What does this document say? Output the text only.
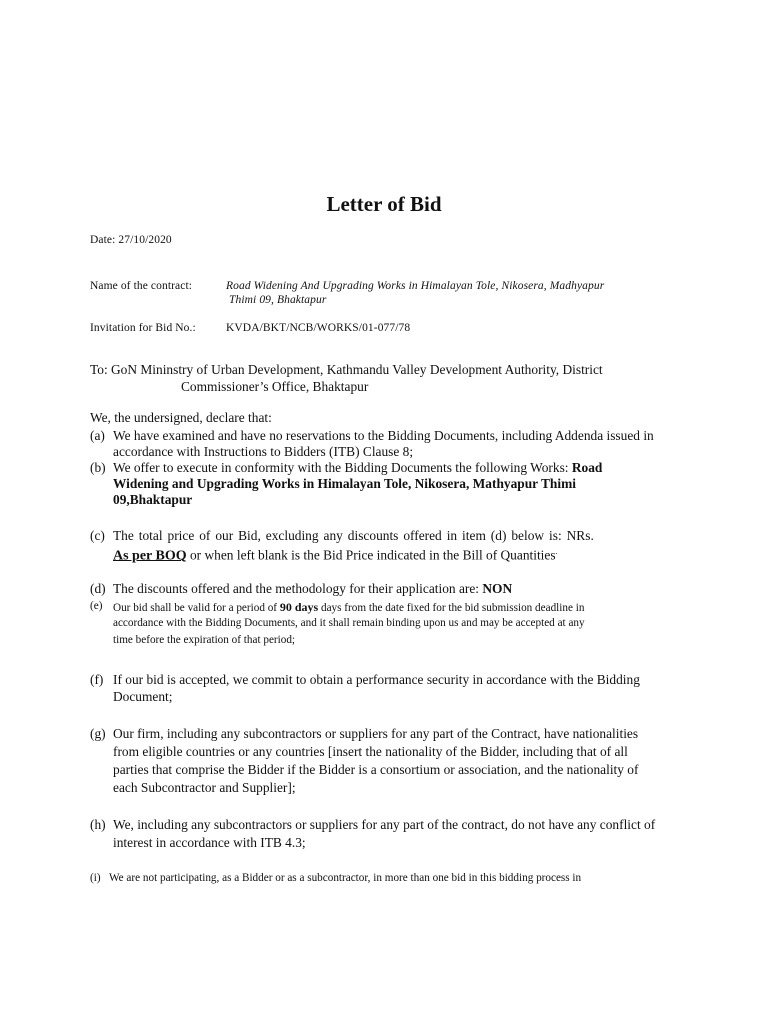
Letter of Bid
Date: 27/10/2020
Name of the contract:	Road Widening And Upgrading Works in Himalayan Tole, Nikosera, Madhyapur
Thimi 09, Bhaktapur
Invitation for Bid No.:	KVDA/BKT/NCB/WORKS/01-077/78
To: GoN Mininstry of Urban Development, Kathmandu Valley Development Authority, District
Commissioner’s Office, Bhaktapur
We, the undersigned, declare that:
(a) We have examined and have no reservations to the Bidding Documents, including Addenda issued in
accordance with Instructions to Bidders (ITB) Clause 8;
(b) We offer to execute in conformity with the Bidding Documents the following Works: Road
Widening and Upgrading Works in Himalayan Tole, Nikosera, Mathyapur Thimi
09,Bhaktapur
(c) The total price of our Bid, excluding any discounts offered in item (d) below is: NRs.
As per BOQ or when left blank is the Bid Price indicated in the Bill of Quantities.
(d) The discounts offered and the methodology for their application are: NON
(e) Our bid shall be valid for a period of 90 days days from the date fixed for the bid submission deadline in
accordance with the Bidding Documents, and it shall remain binding upon us and may be accepted at any
time before the expiration of that period;
(f) If our bid is accepted, we commit to obtain a performance security in accordance with the Bidding
Document;
(g) Our firm, including any subcontractors or suppliers for any part of the Contract, have nationalities
from eligible countries or any countries [insert the nationality of the Bidder, including that of all
parties that comprise the Bidder if the Bidder is a consortium or association, and the nationality of
each Subcontractor and Supplier];
(h) We, including any subcontractors or suppliers for any part of the contract, do not have any conflict of
interest in accordance with ITB 4.3;
(i) We are not participating, as a Bidder or as a subcontractor, in more than one bid in this bidding process in
